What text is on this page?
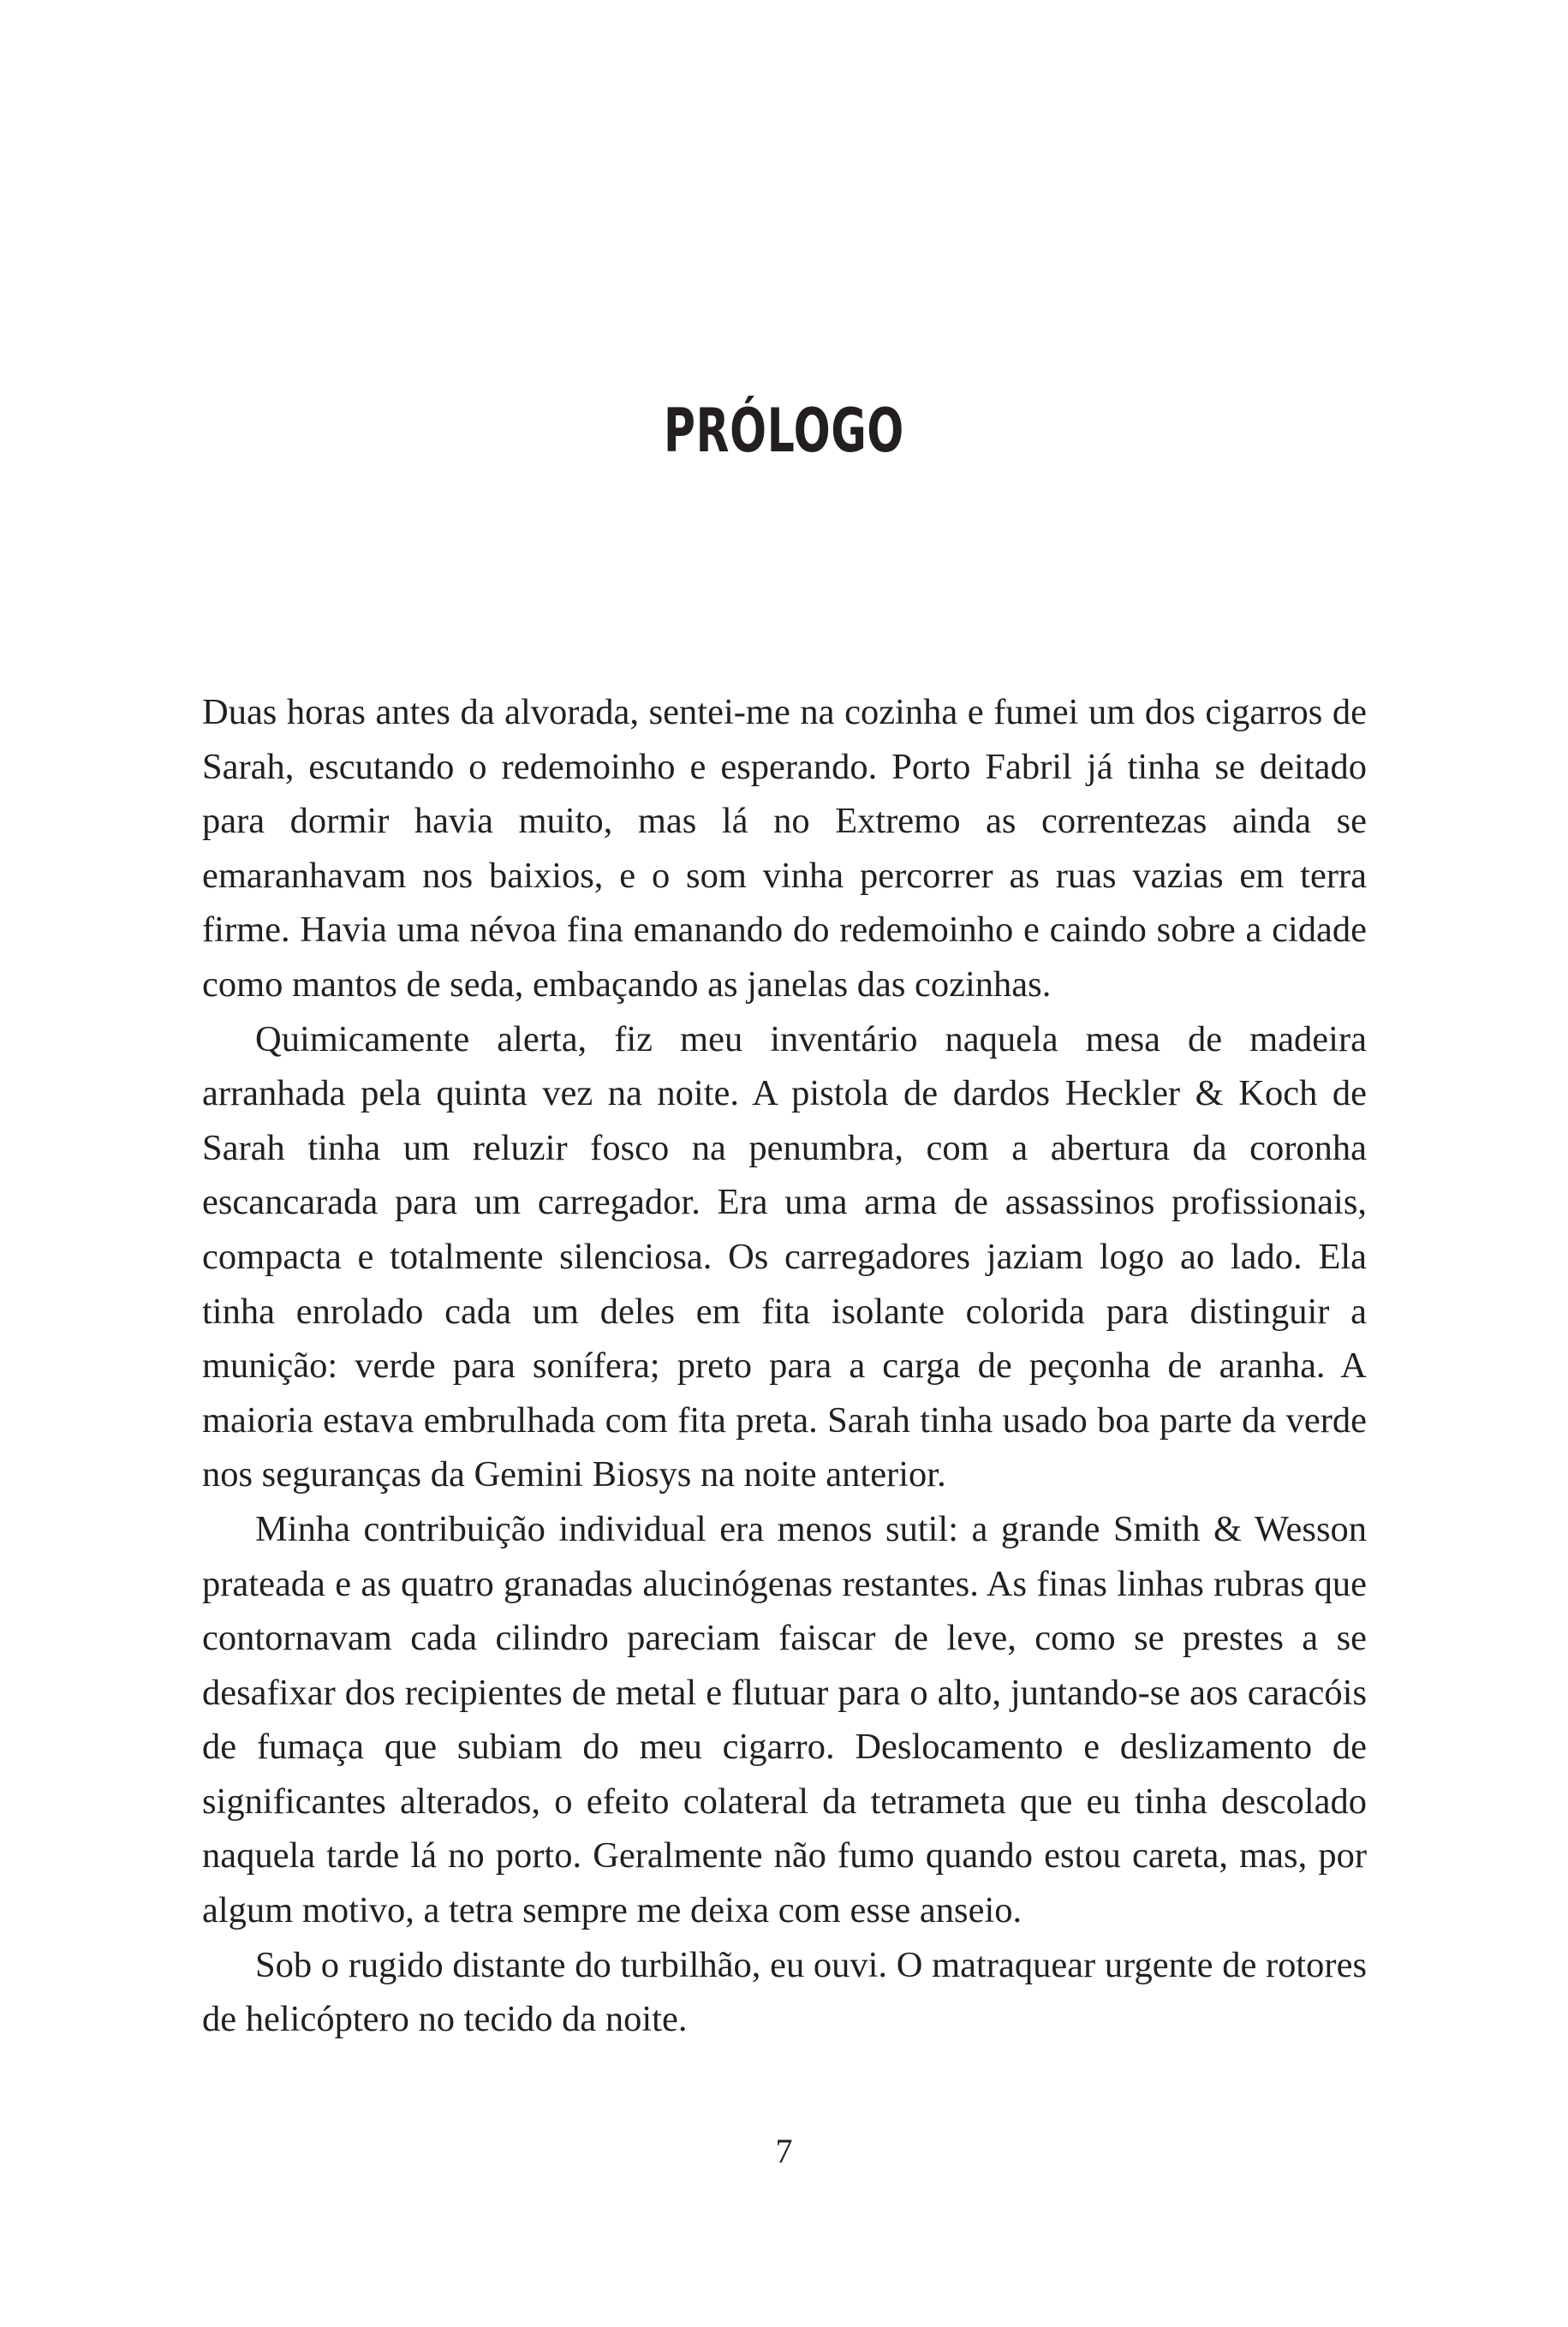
PRÓLOGO

Duas horas antes da alvorada, sentei-me na cozinha e fumei um dos cigarros de Sarah, escutando o redemoinho e esperando. Porto Fabril já tinha se deitado para dormir havia muito, mas lá no Extremo as correntezas ainda se emaranhavam nos baixios, e o som vinha percorrer as ruas vazias em terra firme. Havia uma névoa fina emanando do redemoinho e caindo sobre a cidade como mantos de seda, embaçando as janelas das cozinhas.

Quimicamente alerta, fiz meu inventário naquela mesa de madeira arranhada pela quinta vez na noite. A pistola de dardos Heckler & Koch de Sarah tinha um reluzir fosco na penumbra, com a abertura da coronha escancarada para um carregador. Era uma arma de assassinos profissionais, compacta e totalmente silenciosa. Os carregadores jaziam logo ao lado. Ela tinha enrolado cada um deles em fita isolante colorida para distinguir a munição: verde para sonífera; preto para a carga de peçonha de aranha. A maioria estava embrulhada com fita preta. Sarah tinha usado boa parte da verde nos seguranças da Gemini Biosys na noite anterior.

Minha contribuição individual era menos sutil: a grande Smith & Wesson prateada e as quatro granadas alucinógenas restantes. As finas linhas rubras que contornavam cada cilindro pareciam faiscar de leve, como se prestes a se desafixar dos recipientes de metal e flutuar para o alto, juntando-se aos caracóis de fumaça que subiam do meu cigarro. Deslocamento e deslizamento de significantes alterados, o efeito colateral da tetrameta que eu tinha descolado naquela tarde lá no porto. Geralmente não fumo quando estou careta, mas, por algum motivo, a tetra sempre me deixa com esse anseio.

Sob o rugido distante do turbilhão, eu ouvi. O matraquear urgente de rotores de helicóptero no tecido da noite.

7
